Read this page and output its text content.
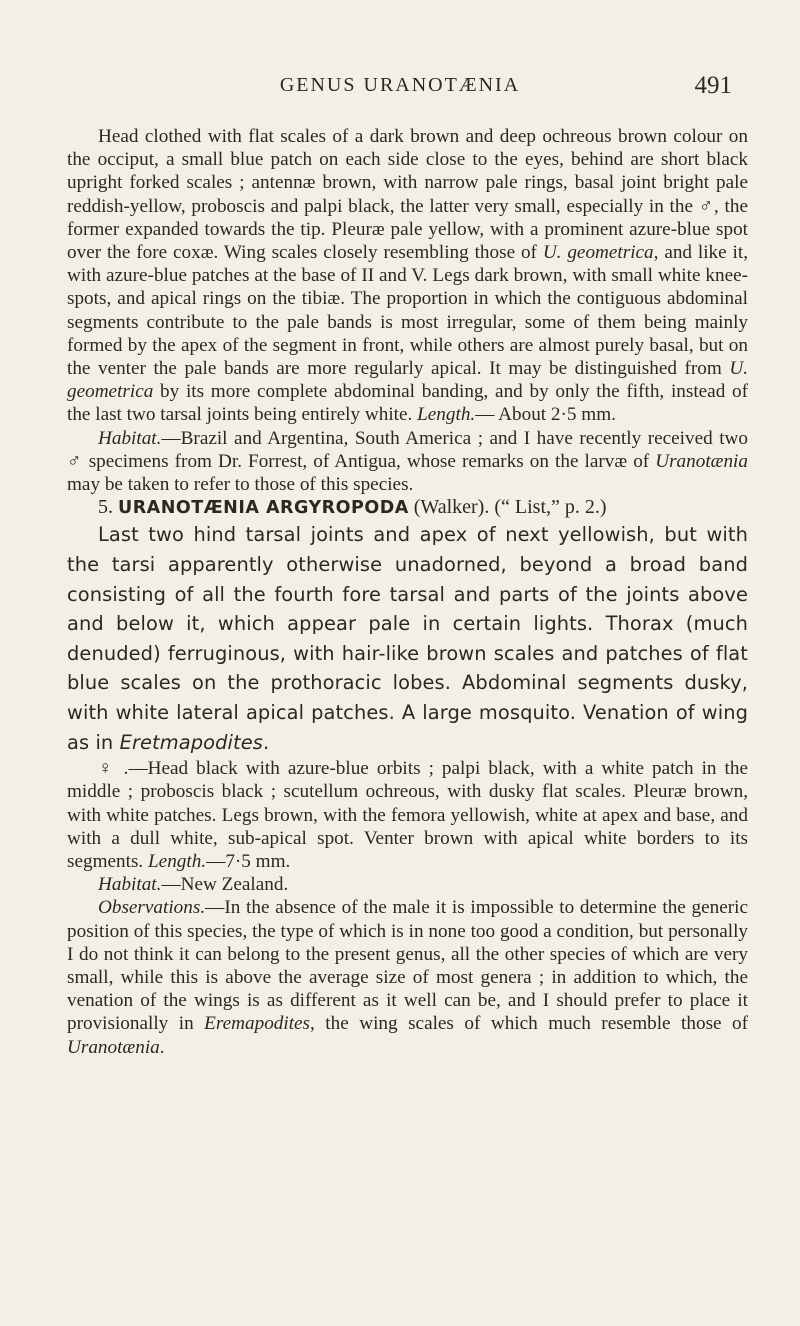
GENUS URANOTÆNIA	491

Head clothed with flat scales of a dark brown and deep ochreous brown colour on the occiput, a small blue patch on each side close to the eyes, behind are short black upright forked scales ; antennæ brown, with narrow pale rings, basal joint bright pale reddish-yellow, proboscis and palpi black, the latter very small, especially in the ♂, the former expanded towards the tip. Pleuræ pale yellow, with a prominent azure-blue spot over the fore coxæ. Wing scales closely resembling those of U. geometrica, and like it, with azure-blue patches at the base of II and V. Legs dark brown, with small white knee-spots, and apical rings on the tibiæ. The proportion in which the contiguous abdominal segments contribute to the pale bands is most irregular, some of them being mainly formed by the apex of the segment in front, while others are almost purely basal, but on the venter the pale bands are more regularly apical. It may be distinguished from U. geometrica by its more complete abdominal banding, and by only the fifth, instead of the last two tarsal joints being entirely white. Length.— About 2·5 mm.

Habitat.—Brazil and Argentina, South America ; and I have recently received two ♂ specimens from Dr. Forrest, of Antigua, whose remarks on the larvæ of Uranotænia may be taken to refer to those of this species.

5. URANOTÆNIA ARGYROPODA (Walker). (“ List,” p. 2.)

Last two hind tarsal joints and apex of next yellowish, but with the tarsi apparently otherwise unadorned, beyond a broad band consisting of all the fourth fore tarsal and parts of the joints above and below it, which appear pale in certain lights. Thorax (much denuded) ferruginous, with hair-like brown scales and patches of flat blue scales on the prothoracic lobes. Abdominal segments dusky, with white lateral apical patches. A large mosquito. Venation of wing as in Eretmapodites.

♀ .—Head black with azure-blue orbits ; palpi black, with a white patch in the middle ; proboscis black ; scutellum ochreous, with dusky flat scales. Pleuræ brown, with white patches. Legs brown, with the femora yellowish, white at apex and base, and with a dull white, sub-apical spot. Venter brown with apical white borders to its segments. Length.—7·5 mm.

Habitat.—New Zealand.

Observations.—In the absence of the male it is impossible to determine the generic position of this species, the type of which is in none too good a condition, but personally I do not think it can belong to the present genus, all the other species of which are very small, while this is above the average size of most genera ; in addition to which, the venation of the wings is as different as it well can be, and I should prefer to place it provisionally in Eremapodites, the wing scales of which much resemble those of Uranotænia.
